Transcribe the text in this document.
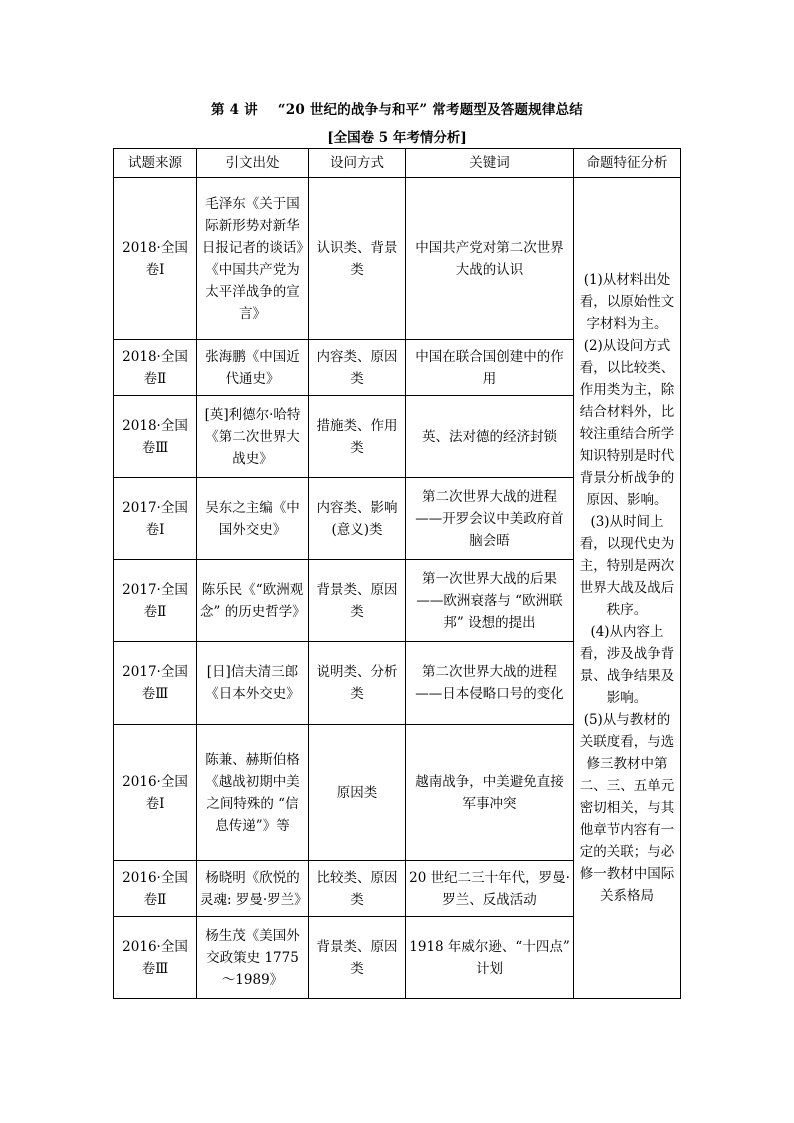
第 4 讲 “20 世纪的战争与和平” 常考题型及答题规律总结
[全国卷 5 年考情分析]
试题来源	引文出处	设问方式	关键词	命题特征分析
2018·全国卷Ⅰ	毛泽东《关于国际新形势对新华日报记者的谈话》《中国共产党为太平洋战争的宣言》	认识类、背景类	中国共产党对第二次世界大战的认识	(1)从材料出处看，以原始性文字材料为主。

(2)从设问方式看，以比较类、作用类为主，除结合材料外，比较注重结合所学知识特别是时代背景分析战争的原因、影响。

(3)从时间上看，以现代史为主，特别是两次世界大战及战后秩序。

(4)从内容上看，涉及战争背景、战争结果及影响。

(5)从与教材的关联度看，与选修三教材中第二、三、五单元密切相关，与其他章节内容有一定的关联；与必修一教材中国际关系格局

2018·全国卷Ⅱ	张海鹏《中国近代通史》	内容类、原因类	中国在联合国创建中的作用	
2018·全国卷Ⅲ	[英]利德尔·哈特《第二次世界大战史》	措施类、作用类	英、法对德的经济封锁	
2017·全国卷Ⅰ	吴东之主编《中国外交史》	内容类、影响(意义)类	第二次世界大战的进程——开罗会议中美政府首脑会晤	
2017·全国卷Ⅱ	陈乐民《“欧洲观念” 的历史哲学》	背景类、原因类	第一次世界大战的后果——欧洲衰落与 “欧洲联邦” 设想的提出	
2017·全国卷Ⅲ	[日]信夫清三郎《日本外交史》	说明类、分析类	第二次世界大战的进程——日本侵略口号的变化	
2016·全国卷Ⅰ	陈兼、赫斯伯格《越战初期中美之间特殊的 “信息传递”》等	原因类	越南战争，中美避免直接军事冲突	
2016·全国卷Ⅱ	杨晓明《欣悦的灵魂: 罗曼·罗兰》	比较类、原因类	20 世纪二三十年代，罗曼·罗兰、反战活动	
2016·全国卷Ⅲ	杨生茂《美国外交政策史 1775～1989》	背景类、原因类	1918 年威尔逊、“十四点” 计划	
